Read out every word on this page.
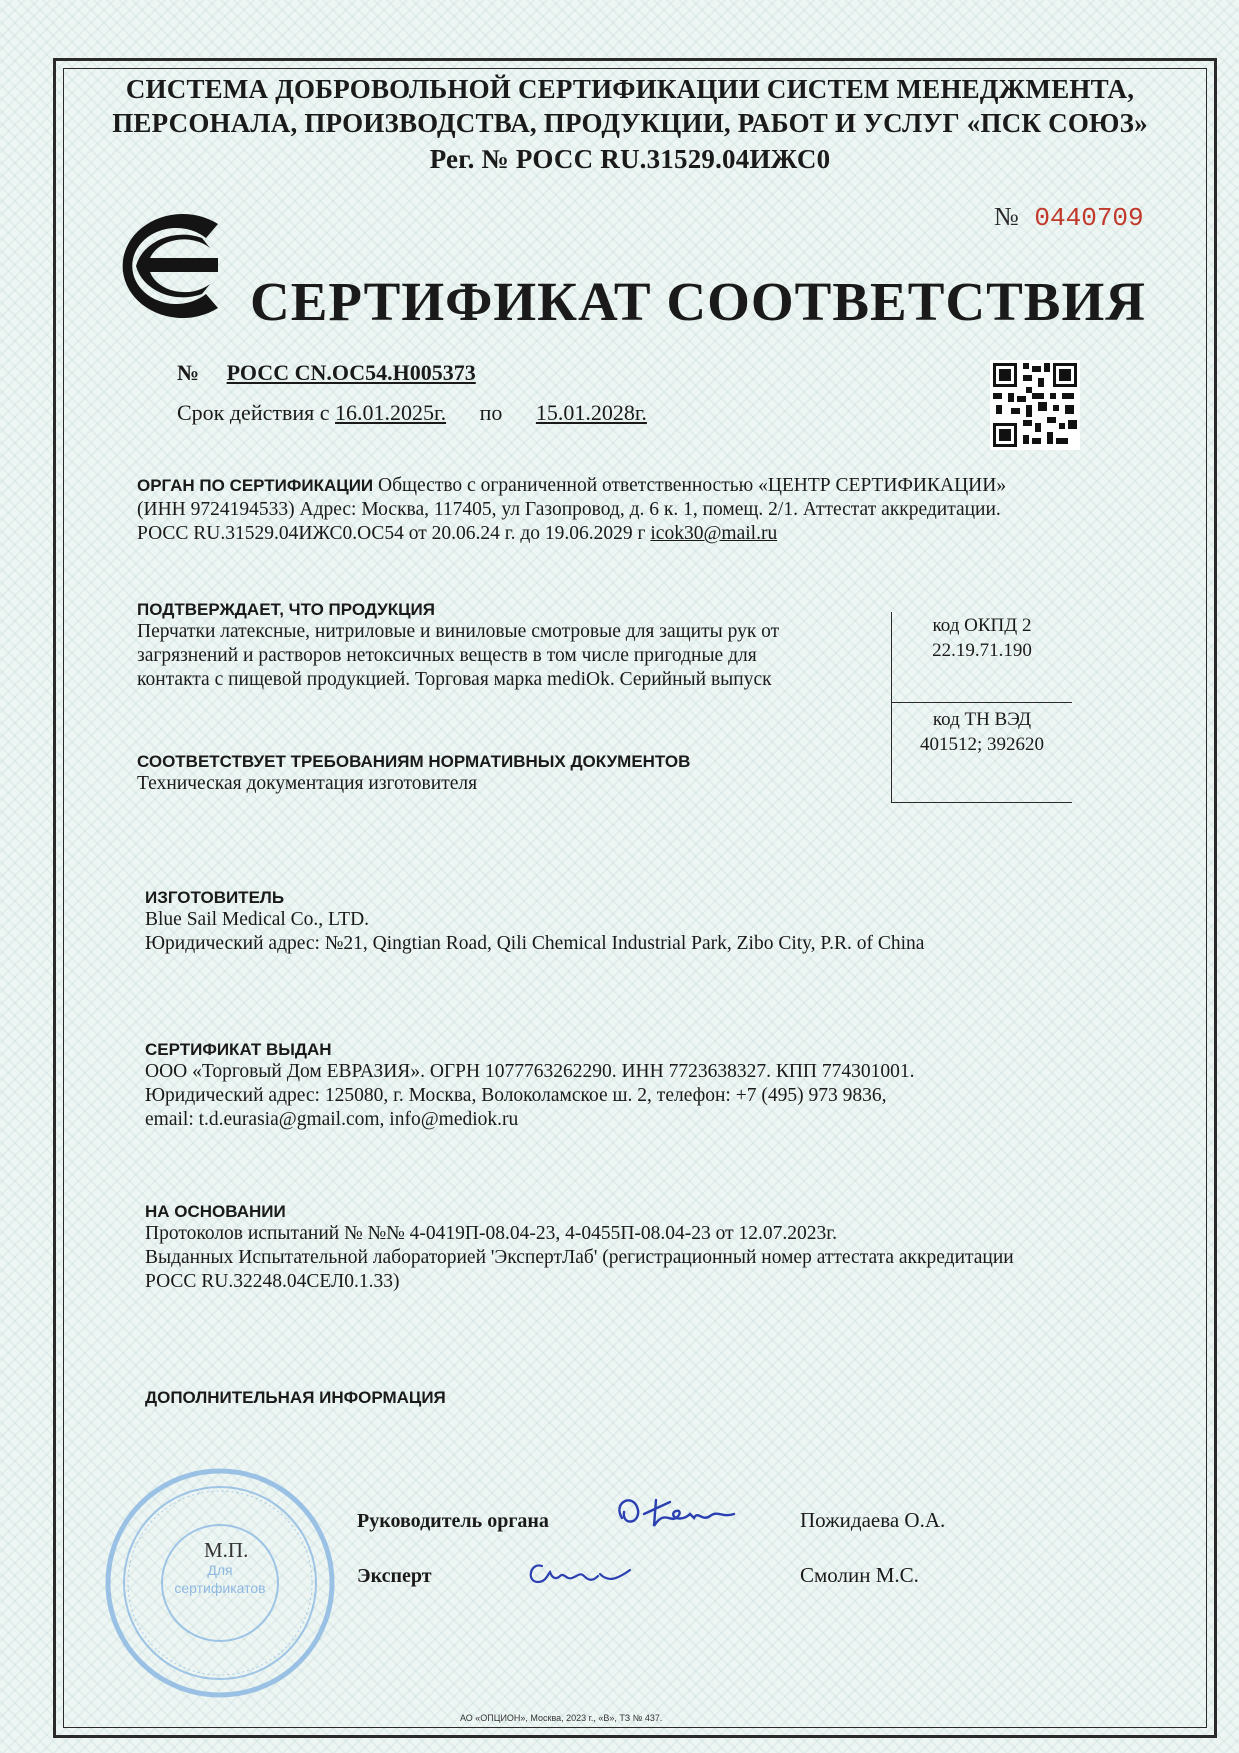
СИСТЕМА ДОБРОВОЛЬНОЙ СЕРТИФИКАЦИИ СИСТЕМ МЕНЕДЖМЕНТА,
ПЕРСОНАЛА, ПРОИЗВОДСТВА, ПРОДУКЦИИ, РАБОТ И УСЛУГ «ПСК СОЮЗ»
Рег. № РОСС RU.31529.04ИЖС0
№ 0440709
СЕРТИФИКАТ СООТВЕТСТВИЯ
№ РОСС CN.ОС54.Н005373
Срок действия с 16.01.2025г. по 15.01.2028г.
ОРГАН ПО СЕРТИФИКАЦИИ Общество с ограниченной ответственностью «ЦЕНТР СЕРТИФИКАЦИИ»
(ИНН 9724194533) Адрес: Москва, 117405, ул Газопровод, д. 6 к. 1, помещ. 2/1. Аттестат аккредитации.
РОСС RU.31529.04ИЖС0.ОС54 от 20.06.24 г. до 19.06.2029 г icok30@mail.ru
ПОДТВЕРЖДАЕТ, ЧТО ПРОДУКЦИЯ
Перчатки латексные, нитриловые и виниловые смотровые для защиты рук от
загрязнений и растворов нетоксичных веществ в том числе пригодные для
контакта с пищевой продукцией. Торговая марка mediOk. Серийный выпуск
код ОКПД 2
22.19.71.190
код ТН ВЭД
401512; 392620
СООТВЕТСТВУЕТ ТРЕБОВАНИЯМ НОРМАТИВНЫХ ДОКУМЕНТОВ
Техническая документация изготовителя
ИЗГОТОВИТЕЛЬ
Blue Sail Medical Co., LTD.
Юридический адрес: №21, Qingtian Road, Qili Chemical Industrial Park, Zibo City, P.R. of China
СЕРТИФИКАТ ВЫДАН
ООО «Торговый Дом ЕВРАЗИЯ». ОГРН 1077763262290. ИНН 7723638327. КПП 774301001.
Юридический адрес: 125080, г. Москва, Волоколамское ш. 2, телефон: +7 (495) 973 9836,
email: t.d.eurasia@gmail.com, info@mediok.ru
НА ОСНОВАНИИ
Протоколов испытаний № №№ 4-0419П-08.04-23, 4-0455П-08.04-23 от 12.07.2023г.
Выданных Испытательной лабораторией 'ЭкспертЛаб' (регистрационный номер аттестата аккредитации
РОСС RU.32248.04СЕЛ0.1.33)
ДОПОЛНИТЕЛЬНАЯ ИНФОРМАЦИЯ
М.П.
Для
сертификатов
Руководитель органа	Пожидаева О.А.
Эксперт	Смолин М.С.
АО «ОПЦИОН», Москва, 2023 г., «В», ТЗ № 437.
